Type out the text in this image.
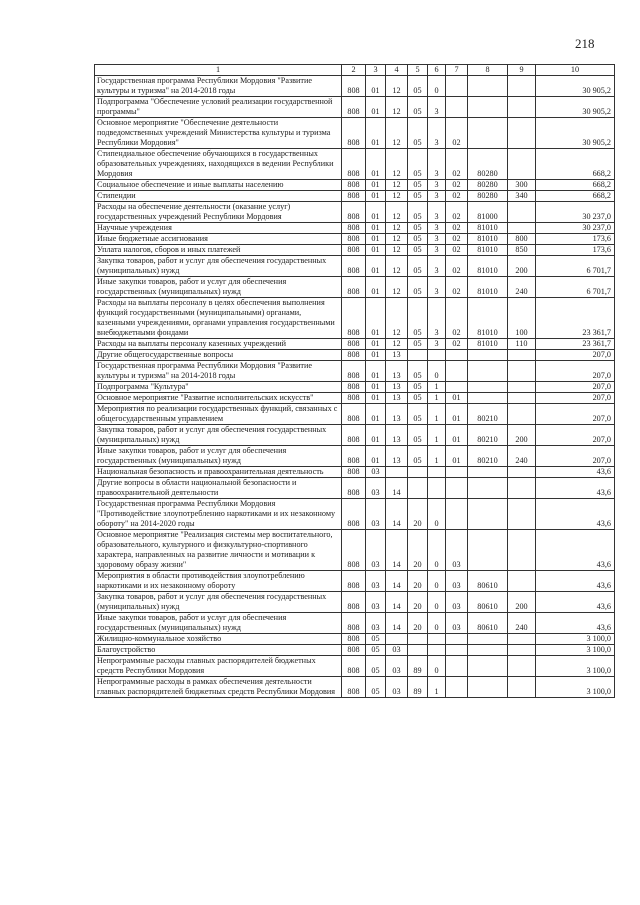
218
1	2	3	4	5	6	7	8	9	10
Государственная программа Республики Мордовия "Развитие культуры и туризма" на 2014-2018 годы	808	01	12	05	0				30 905,2
Подпрограмма "Обеспечение условий реализации государственной программы"	808	01	12	05	3				30 905,2
Основное мероприятие "Обеспечение деятельности подведомственных учреждений Министерства культуры и туризма Республики Мордовия"	808	01	12	05	3	02			30 905,2
Стипендиальное обеспечение обучающихся в государственных образовательных учреждениях, находящихся в ведении Республики Мордовия	808	01	12	05	3	02	80280		668,2
Социальное обеспечение и иные выплаты населению	808	01	12	05	3	02	80280	300	668,2
Стипендии	808	01	12	05	3	02	80280	340	668,2
Расходы на обеспечение деятельности (оказание услуг) государственных учреждений Республики Мордовия	808	01	12	05	3	02	81000		30 237,0
Научные учреждения	808	01	12	05	3	02	81010		30 237,0
Иные бюджетные ассигнования	808	01	12	05	3	02	81010	800	173,6
Уплата налогов, сборов и иных платежей	808	01	12	05	3	02	81010	850	173,6
Закупка товаров, работ и услуг для обеспечения государственных (муниципальных) нужд	808	01	12	05	3	02	81010	200	6 701,7
Иные закупки товаров, работ и услуг для обеспечения государственных (муниципальных) нужд	808	01	12	05	3	02	81010	240	6 701,7
Расходы на выплаты персоналу в целях обеспечения выполнения функций государственными (муниципальными) органами, казенными учреждениями, органами управления государственными внебюджетными фондами	808	01	12	05	3	02	81010	100	23 361,7
Расходы на выплаты персоналу казенных учреждений	808	01	12	05	3	02	81010	110	23 361,7
Другие общегосударственные вопросы	808	01	13						207,0
Государственная программа Республики Мордовия "Развитие культуры и туризма" на 2014-2018 годы	808	01	13	05	0				207,0
Подпрограмма "Культура"	808	01	13	05	1				207,0
Основное мероприятие "Развитие исполнительских искусств"	808	01	13	05	1	01			207,0
Мероприятия по реализации государственных функций, связанных с общегосударственным управлением	808	01	13	05	1	01	80210		207,0
Закупка товаров, работ и услуг для обеспечения государственных (муниципальных) нужд	808	01	13	05	1	01	80210	200	207,0
Иные закупки товаров, работ и услуг для обеспечения государственных (муниципальных) нужд	808	01	13	05	1	01	80210	240	207,0
Национальная безопасность и правоохранительная деятельность	808	03							43,6
Другие вопросы в области национальной безопасности и правоохранительной деятельности	808	03	14						43,6
Государственная программа Республики Мордовия "Противодействие злоупотреблению наркотиками и их незаконному обороту" на 2014-2020 годы	808	03	14	20	0				43,6
Основное мероприятие "Реализация системы мер воспитательного, образовательного, культурного и физкультурно-спортивного характера, направленных на развитие личности и мотивации к здоровому образу жизни"	808	03	14	20	0	03			43,6
Мероприятия в области противодействия злоупотреблению наркотиками и их незаконному обороту	808	03	14	20	0	03	80610		43,6
Закупка товаров, работ и услуг для обеспечения государственных (муниципальных) нужд	808	03	14	20	0	03	80610	200	43,6
Иные закупки товаров, работ и услуг для обеспечения государственных (муниципальных) нужд	808	03	14	20	0	03	80610	240	43,6
Жилищно-коммунальное хозяйство	808	05							3 100,0
Благоустройство	808	05	03						3 100,0
Непрограммные расходы главных распорядителей бюджетных средств Республики Мордовия	808	05	03	89	0				3 100,0
Непрограммные расходы в рамках обеспечения деятельности главных распорядителей бюджетных средств Республики Мордовия	808	05	03	89	1				3 100,0
